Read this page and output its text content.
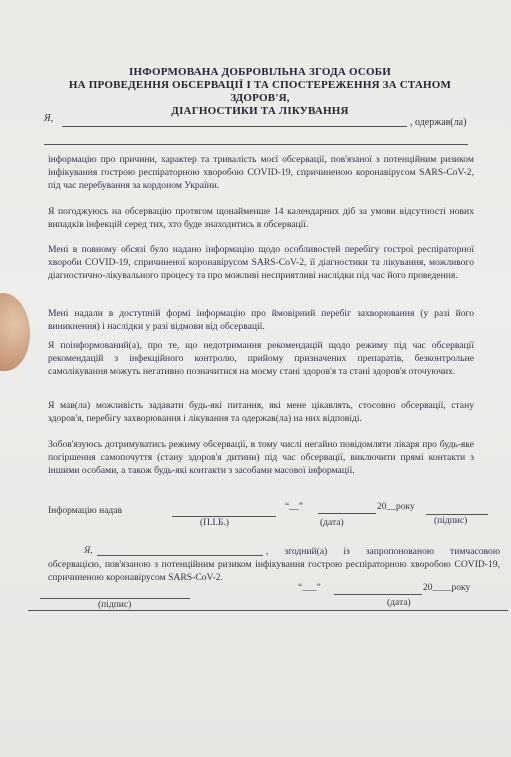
ІНФОРМОВАНА ДОБРОВІЛЬНА ЗГОДА ОСОБИ
НА ПРОВЕДЕННЯ ОБСЕРВАЦІЇ І ТА СПОСТЕРЕЖЕННЯ ЗА СТАНОМ ЗДОРОВ'Я,
ДІАГНОСТИКИ ТА ЛІКУВАННЯ
Я,	, одержав(ла)
інформацію про причини, характер та тривалість моєї обсервації, пов'язаної з потенційним ризиком інфікування гострою респіраторною хворобою COVID-19, спричиненою коронавірусом SARS-CoV-2, під час перебування за кордоном України.
Я погоджуюсь на обсервацію протягом щонайменше 14 календарних діб за умови відсутності нових випадків інфекцій серед тих, хто буде знаходитись в обсервації.
Мені в повному обсязі було надано інформацію щодо особливостей перебігу гострої респіраторної хвороби COVID-19, спричиненої коронавірусом SARS-CoV-2, її діагностики та лікування, можливого діагностично-лікувального процесу та про можливі несприятливі наслідки під час його проведення.
Мені надали в доступній формі інформацію про ймовірний перебіг захворювання (у разі його виникнення) і наслідки у разі відмови від обсервації.
Я поінформований(а), про те, що недотримання рекомендацій щодо режиму під час обсервації рекомендацій з інфекційного контролю, прийому призначених препаратів, безконтрольне самолікування можуть негативно позначитися на моєму стані здоров'я та стані здоров'я оточуючих.
Я мав(ла) можливість задавати будь-які питання, які мене цікавлять, стосовно обсервації, стану здоров'я, перебігу захворювання і лікування та одержав(ла) на них відповіді.
Зобов'язуюсь дотримуватись режиму обсервації, в тому числі негайно повідомляти лікаря про будь-яке погіршення самопочуття (стану здоров'я дитини) під час обсервації, виключити прямі контакти з іншими особами, а також будь-які контакти з засобами масової інформації.
Інформацію надав	“__”	20__року
(П.І.Б.)	(дата)	(підпис)
Я,	, згодний(а) із запропонованою тимчасовою обсервацією, пов'язаною з потенційним ризиком інфікування гострою респіраторною хворобою COVID-19, спричиненою коронавірусом SARS-CoV-2.
“___”	20____року
(підпис)	(дата)
